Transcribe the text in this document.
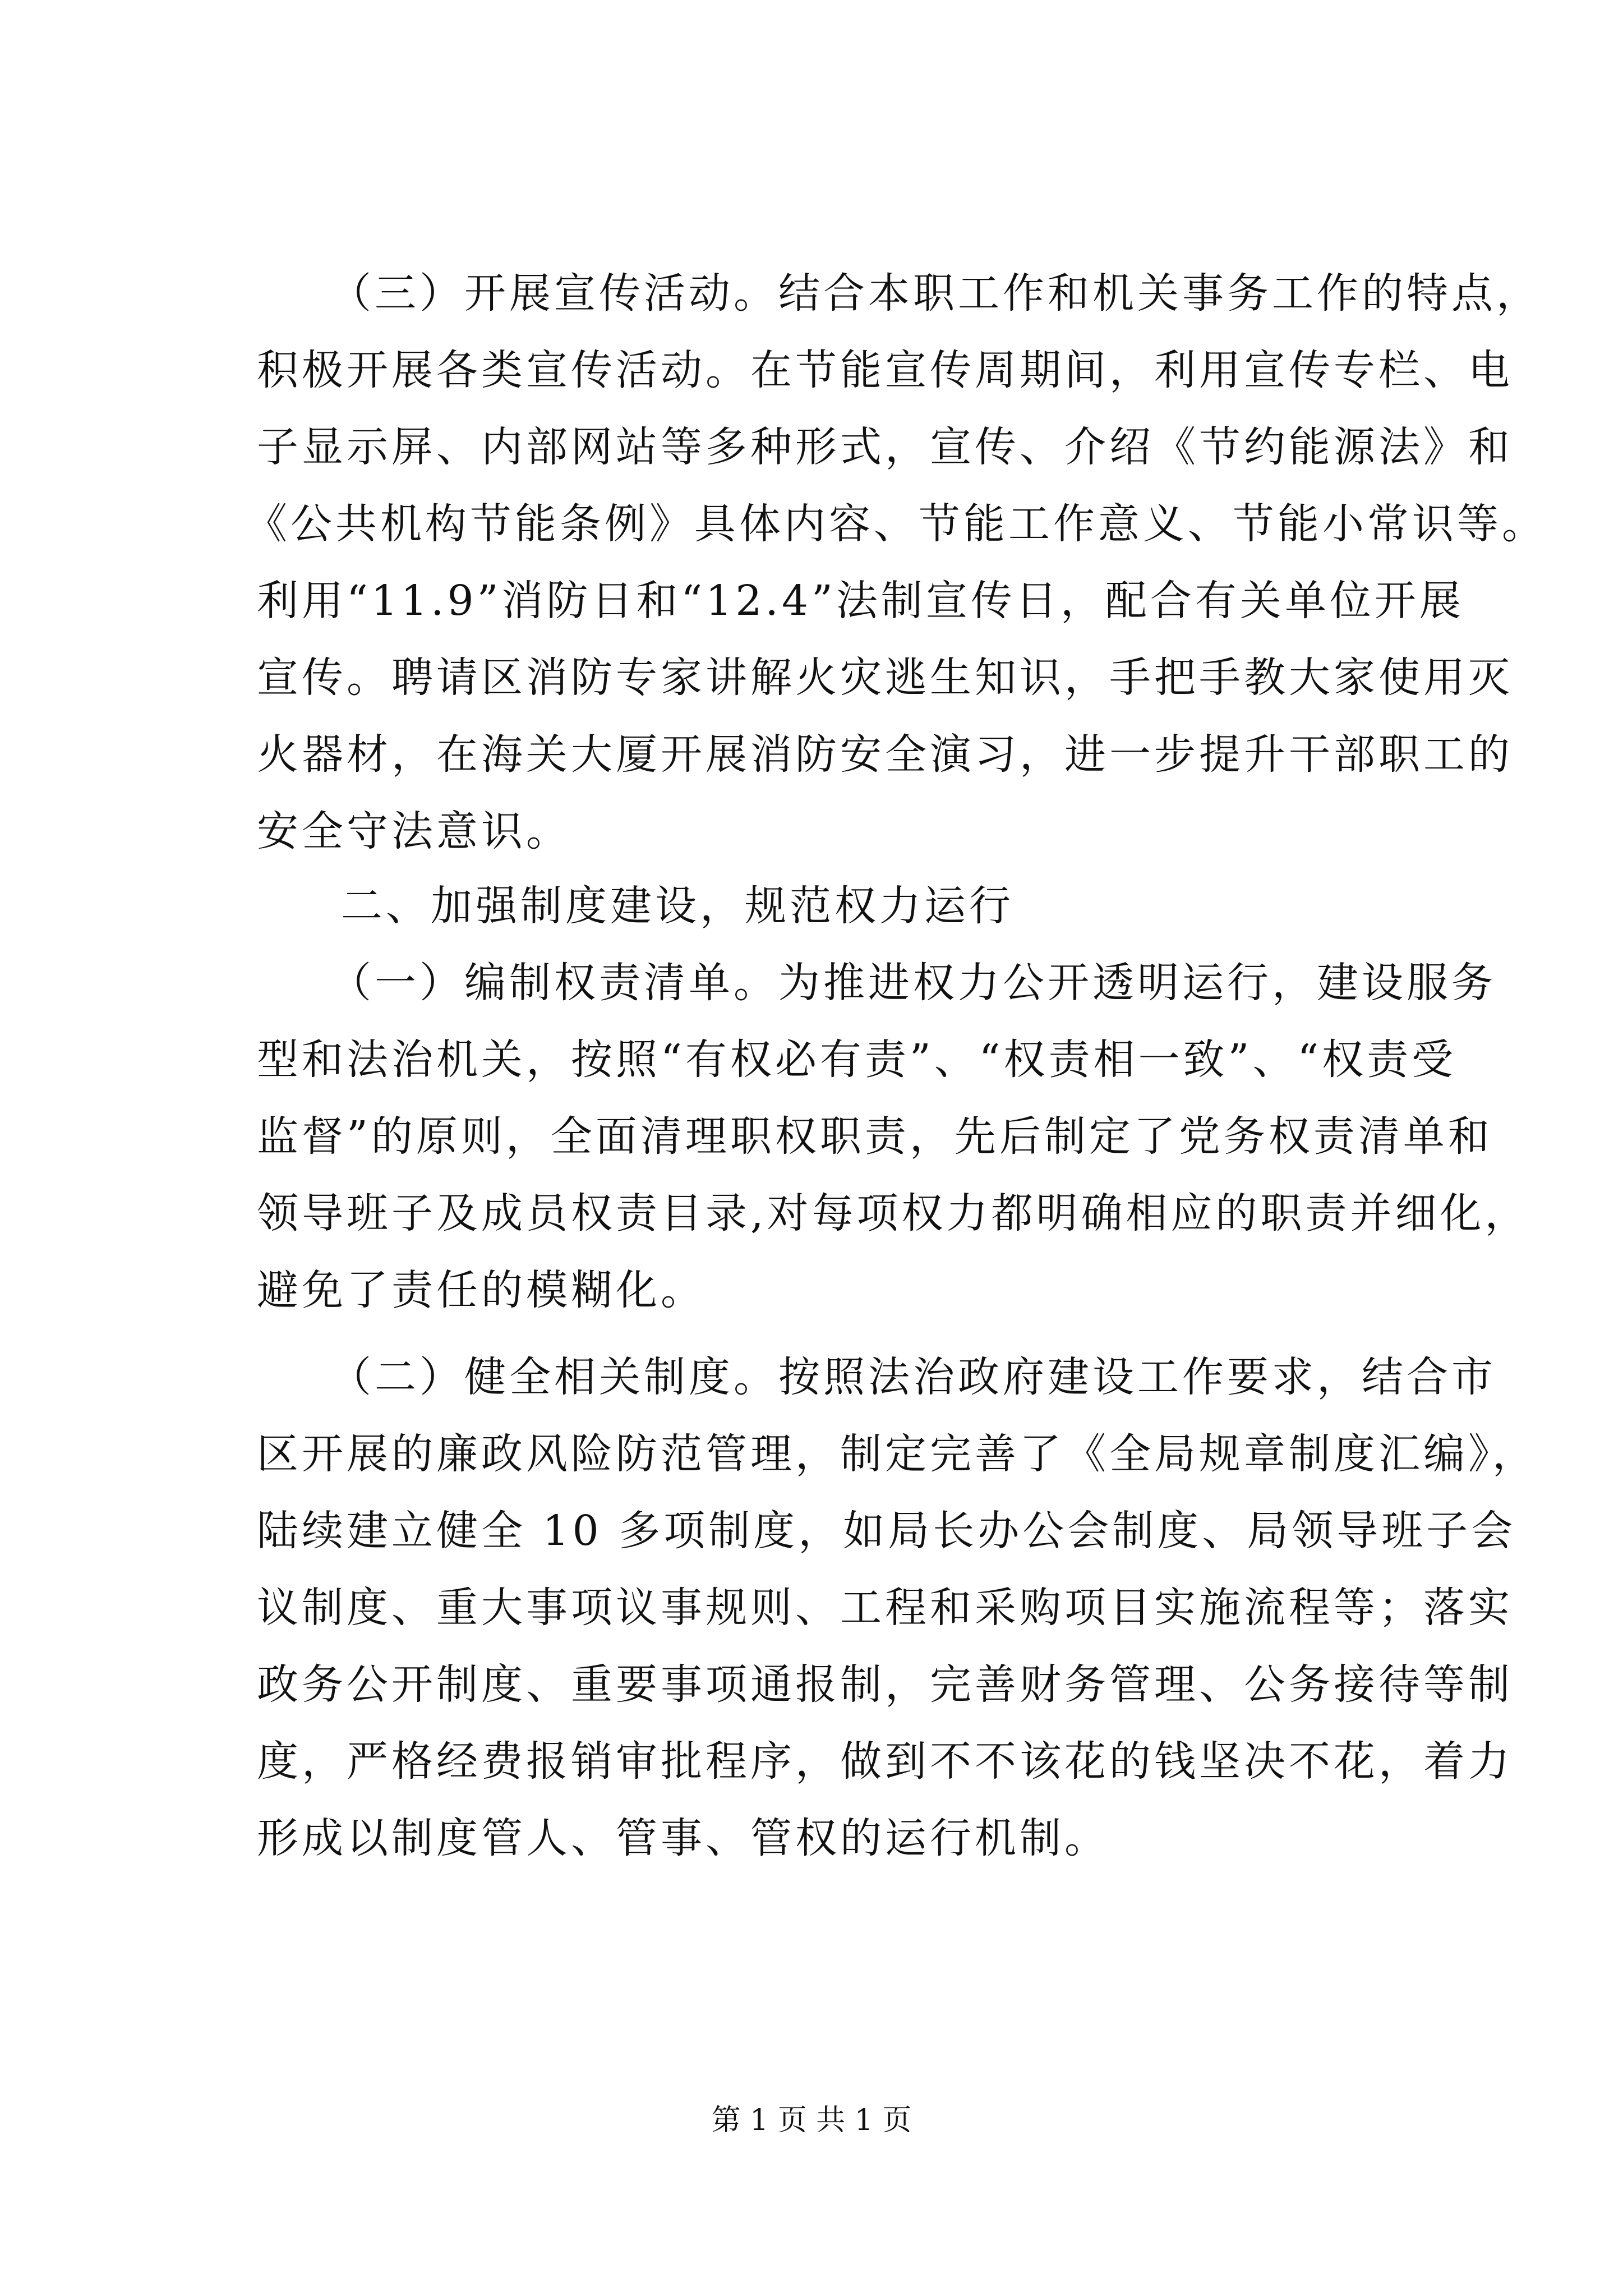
（三）开展宣传活动。结合本职工作和机关事务工作的特点，
积极开展各类宣传活动。在节能宣传周期间，利用宣传专栏、电
子显示屏、内部网站等多种形式，宣传、介绍《节约能源法》和
《公共机构节能条例》具体内容、节能工作意义、节能小常识等。
利用“11.9”消防日和“12.4”法制宣传日，配合有关单位开展
宣传。聘请区消防专家讲解火灾逃生知识，手把手教大家使用灭
火器材，在海关大厦开展消防安全演习，进一步提升干部职工的
安全守法意识。
二、加强制度建设，规范权力运行
（一）编制权责清单。为推进权力公开透明运行，建设服务
型和法治机关，按照“有权必有责”、“权责相一致”、“权责受
监督”的原则，全面清理职权职责，先后制定了党务权责清单和
领导班子及成员权责目录,对每项权力都明确相应的职责并细化，
避免了责任的模糊化。
（二）健全相关制度。按照法治政府建设工作要求，结合市
区开展的廉政风险防范管理，制定完善了《全局规章制度汇编》，
陆续建立健全 10 多项制度，如局长办公会制度、局领导班子会
议制度、重大事项议事规则、工程和采购项目实施流程等；落实
政务公开制度、重要事项通报制，完善财务管理、公务接待等制
度，严格经费报销审批程序，做到不不该花的钱坚决不花，着力
形成以制度管人、管事、管权的运行机制。
第 1 页 共 1 页
